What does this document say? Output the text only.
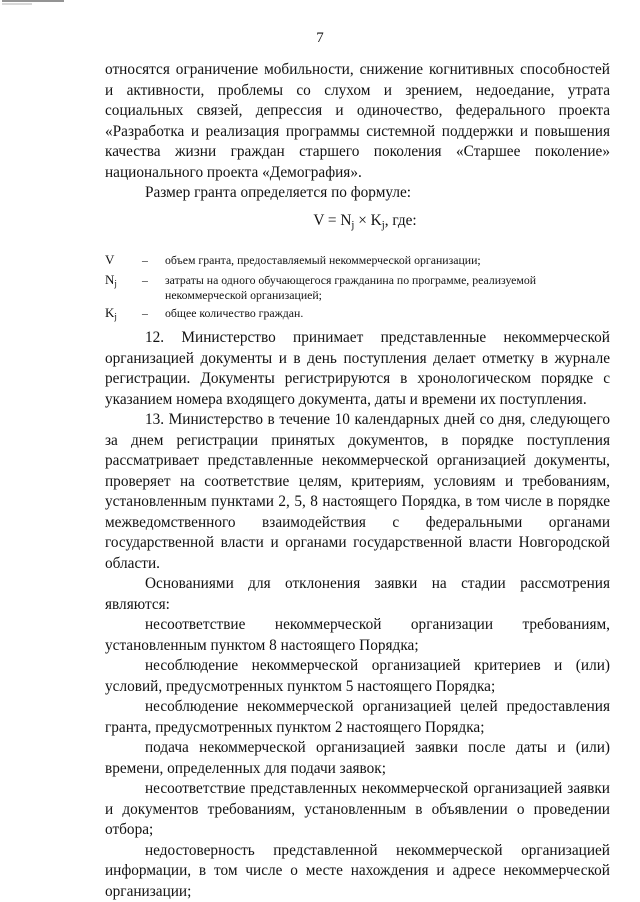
7

относятся ограничение мобильности, снижение когнитивных способностей и активности, проблемы со слухом и зрением, недоедание, утрата социальных связей, депрессия и одиночество, федерального проекта «Разработка и реализация программы системной поддержки и повышения качества жизни граждан старшего поколения «Старшее поколение» национального проекта «Демография».

Размер гранта определяется по формуле:

$V = N_j \times K_j$, где:
V – объем гранта, предоставляемый некоммерческой организации;
$N_j$ – затраты на одного обучающегося гражданина по программе, реализуемой некоммерческой организацией;
$K_j$ – общее количество граждан.

12. Министерство принимает представленные некоммерческой организацией документы и в день поступления делает отметку в журнале регистрации. Документы регистрируются в хронологическом порядке с указанием номера входящего документа, даты и времени их поступления.

13. Министерство в течение 10 календарных дней со дня, следующего за днем регистрации принятых документов, в порядке поступления рассматривает представленные некоммерческой организацией документы, проверяет на соответствие целям, критериям, условиям и требованиям, установленным пунктами 2, 5, 8 настоящего Порядка, в том числе в порядке межведомственного взаимодействия с федеральными органами государственной власти и органами государственной власти Новгородской области.

Основаниями для отклонения заявки на стадии рассмотрения являются:

несоответствие некоммерческой организации требованиям, установленным пунктом 8 настоящего Порядка;

несоблюдение некоммерческой организацией критериев и (или) условий, предусмотренных пунктом 5 настоящего Порядка;

несоблюдение некоммерческой организацией целей предоставления гранта, предусмотренных пунктом 2 настоящего Порядка;

подача некоммерческой организацией заявки после даты и (или) времени, определенных для подачи заявок;

несоответствие представленных некоммерческой организацией заявки и документов требованиям, установленным в объявлении о проведении отбора;

недостоверность представленной некоммерческой организацией информации, в том числе о месте нахождения и адресе некоммерческой организации;
